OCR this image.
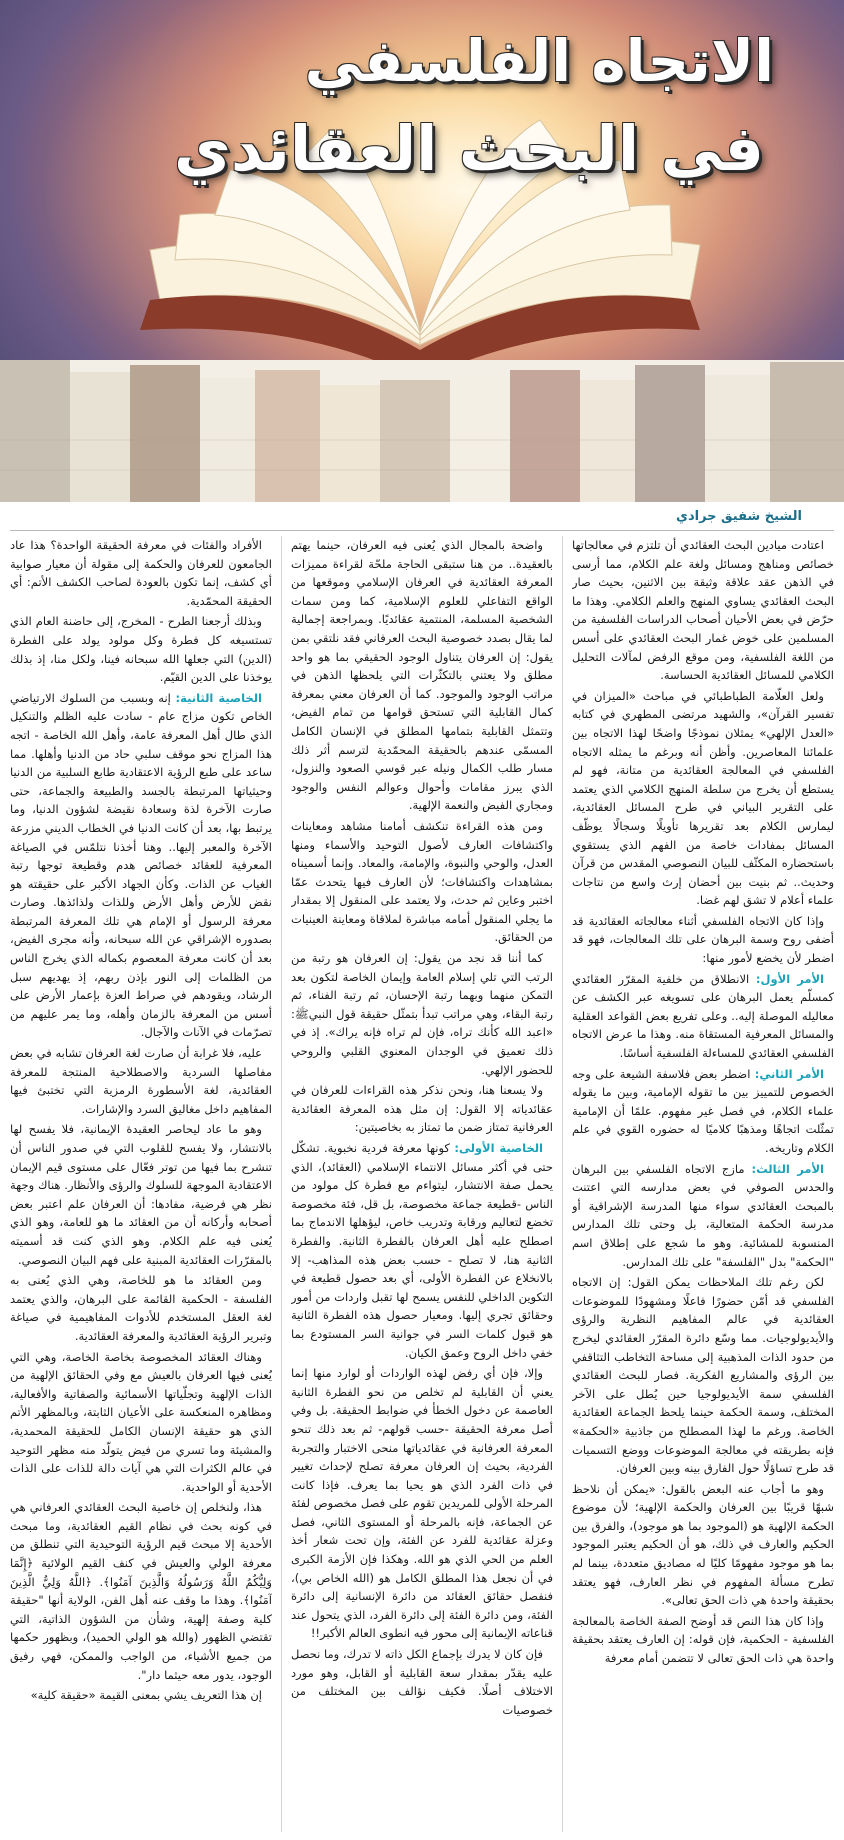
الاتجاه الفلسفي
في البحث العقائدي
الشيخ شفيق جرادي

اعتادت ميادين البحث العقائدي أن تلتزم في معالجاتها خصائص ومناهج ومسائل ولغة علم الكلام، مما أرسى في الذهن عقد علاقة وثيقة بين الاثنين، بحيث صار البحث العقائدي يساوي المنهج والعلم الكلامي. وهذا ما حرّض في بعض الأحيان أصحاب الدراسات الفلسفية من المسلمين على خوض غمار البحث العقائدي على أسس من اللغة الفلسفية، ومن موقع الرفض لمآلات التحليل الكلامي للمسائل العقائدية الحساسة.

ولعل العلّامة الطباطبائي في مباحث «الميزان في تفسير القرآن»، والشهيد مرتضى المطهري في كتابه «العدل الإلهي» يمثلان نموذجًا واضحًا لهذا الاتجاه بين علمائنا المعاصرين. وأظن أنه وبرغم ما يمثله الاتجاه الفلسفي في المعالجة العقائدية من متانة، فهو لم يستطع أن يخرج من سلطة المنهج الكلامي الذي يعتمد على التقرير البياني في طرح المسائل العقائدية، ليمارس الكلام بعد تقريرها تأويلًا وسجالًا يوظّف المسائل بمفادات خاصة من الفهم الذي يستقوي باستحضاره المكثّف للبيان النصوصي المقدس من قرآن وحديث.. ثم بنيت بين أحضان إرث واسع من نتاجات علماء أعلام لا تشق لهم غضا.

وإذا كان الاتجاه الفلسفي أثناء معالجاته العقائدية قد أضفى روح وسمة البرهان على تلك المعالجات، فهو قد اضطر لأن يخضع لأمور منها:

الأمر الأول: الانطلاق من خلفية المقرّر العقائدي كمسلّم يعمل البرهان على تسويغه عبر الكشف عن معاليله الموصلة إليه.. وعلى تفريع بعض القواعد العقلية والمسائل المعرفية المستقاة منه. وهذا ما عرض الاتجاه الفلسفي العقائدي للمساءلة الفلسفية أساسًا.

الأمر الثاني: اضطر بعض فلاسفة الشيعة على وجه الخصوص للتمييز بين ما تقوله الإمامية، وبين ما يقوله علماء الكلام، في فصل غير مفهوم. علمًا أن الإمامية تمثّلت اتجاهًا ومذهبًا كلاميًا له حضوره القوي في علم الكلام وتاريخه.

الأمر الثالث: مازج الاتجاه الفلسفي بين البرهان والحدس الصوفي في بعض مدارسه التي اعتنت بالمبحث العقائدي سواء منها المدرسة الإشراقية أو مدرسة الحكمة المتعالية، بل وحتى تلك المدارس المنسوبة للمشائية. وهو ما شجع على إطلاق اسم "الحكمة" بدل "الفلسفة" على تلك المدارس.

لكن رغم تلك الملاحظات يمكن القول: إن الاتجاه الفلسفي قد أمّن حضورًا فاعلًا ومشهودًا للموضوعات العقائدية في عالم المفاهيم النظرية والرؤى والأيديولوجيات. مما وسّع دائرة المقرّر العقائدي ليخرج من حدود الذات المذهبية إلى مساحة التخاطب التثاقفي بين الرؤى والمشاريع الفكرية. فصار للبحث العقائدي الفلسفي سمة الأيديولوجيا حين يُطل على الآخر المختلف، وسمة الحكمة حينما يلحظ الجماعة العقائدية الخاصة. ورغم ما لهذا المصطلح من جاذبية «الحكمة» فإنه بطريقته في معالجة الموضوعات ووضع التسميات قد طرح تساؤلًا حول الفارق بينه وبين العرفان.

وهو ما أجاب عنه البعض بالقول: «يمكن أن نلاحظ شبهًا قريبًا بين العرفان والحكمة الإلهية؛ لأن موضوع الحكمة الإلهية هو (الموجود بما هو موجود)، والفرق بين الحكيم والعارف في ذلك، هو أن الحكيم يعتبر الموجود بما هو موجود مفهومًا كليًا له مصاديق متعددة، بينما لم تطرح مسألة المفهوم في نظر العارف، فهو يعتقد بحقيقة واحدة هي ذات الحق تعالى».

وإذا كان هذا النص قد أوضح الصفة الخاصة بالمعالجة الفلسفية - الحكمية، فإن قوله: إن العارف يعتقد بحقيقة واحدة هي ذات الحق تعالى لا تتضمن أمام معرفة

واضحة بالمجال الذي يُعنى فيه العرفان، حينما يهتم بالعقيدة.. من هنا ستبقى الحاجة ملحّة لقراءة مميزات المعرفة العقائدية في العرفان الإسلامي وموقعها من الواقع التفاعلي للعلوم الإسلامية، كما ومن سمات الشخصية المسلمة، المنتمية عقائديًا. وبمراجعة إجمالية لما يقال بصدد خصوصية البحث العرفاني فقد نلتقي بمن يقول: إن العرفان يتناول الوجود الحقيقي بما هو واحد مطلق ولا يعتني بالتكثّرات التي يلحظها الذهن في مراتب الوجود والموجود. كما أن العرفان معني بمعرفة كمال القابلية التي تستحق قوامها من تمام الفيض، وتتمثل القابلية بتمامها المطلق في الإنسان الكامل المسمّى عندهم بالحقيقة المحمّدية لترسم أثر ذلك مسار طلب الكمال ونيله عبر قوسي الصعود والنزول، الذي يبرز مقامات وأحوال وعوالم النفس والوجود ومجاري الفيض والنعمة الإلهية.

ومن هذه القراءة تنكشف أمامنا مشاهد ومعاينات واكتشافات العارف لأصول التوحيد والأسماء ومنها العدل، والوحي والنبوة، والإمامة، والمعاد. وإنما أسميناه بمشاهدات واكتشافات؛ لأن العارف فيها يتحدث عمّا اختبر وعاين ثم حدث، ولا يعتمد على المنقول إلا بمقدار ما يجلي المنقول أمامه مباشرة لملاقاة ومعاينة العينيات من الحقائق.

كما أننا قد نجد من يقول: إن العرفان هو رتبة من الرتب التي تلي إسلام العامة وإيمان الخاصة لتكون بعد التمكن منهما وبهما رتبة الإحسان، ثم رتبة الفناء، ثم رتبة البقاء، وهي مراتب تبدأ بتمثّل حقيقة قول النبيﷺ: «اعبد الله كأنك تراه، فإن لم تراه فإنه يراك». إذ في ذلك تعميق في الوجدان المعنوي القلبي والروحي للحضور الإلهي.

ولا يسعنا هنا، ونحن نذكر هذه القراءات للعرفان في عقائدياته إلا القول: إن مثل هذه المعرفة العقائدية العرفانية تمتاز ضمن ما تمتاز به بخاصيتين:

الخاصية الأولى: كونها معرفة فردية نخبوية. تشكّل حتى في أكثر مسائل الانتماء الإسلامي (العقائد)، الذي يحمل صفة الانتشار، ليتواءم مع فطرة كل مولود من الناس -قطيعة جماعة مخصوصة، بل قل، فئة مخصوصة تخضع لتعاليم ورقابة وتدريب خاص، ليؤهلها الاندماج بما اصطلح عليه أهل العرفان بالفطرة الثانية. والفطرة الثانية هنا، لا تصلح - حسب بعض هذه المذاهب- إلا بالانخلاع عن الفطرة الأولى، أي بعد حصول قطيعة في التكوين الداخلي للنفس يسمح لها تقبل واردات من أمور وحقائق تجري إليها. ومعيار حصول هذه الفطرة الثانية هو قبول كلمات السر في جوانية السر المستودع بما خفي داخل الروح وعمق الكيان.

وإلا، فإن أي رفض لهذه الواردات أو لوارد منها إنما يعني أن القابلية لم تخلص من نحو الفطرة الثانية العاصمة عن دخول الخطأ في ضوابط الحقيقة. بل وفي أصل معرفة الحقيقة -حسب قولهم- ثم بعد ذلك تنحو المعرفة العرفانية في عقائدياتها منحى الاختبار والتجربة الفردية، بحيث إن العرفان معرفة تصلح لإحداث تغيير في ذات الفرد الذي هو يحيا بما يعرف. فإذا كانت المرحلة الأولى للمريدين تقوم على فصل مخصوص لفئة عن الجماعة، فإنه بالمرحلة أو المستوى الثاني، فصل وعزلة عقائدية للفرد عن الفئة، وإن تحت شعار أخذ العلم من الحي الذي هو الله. وهكذا فإن الأزمة الكبرى في أن نجعل هذا المطلق الكامل هو (الله الخاص بي)، فنفصل حقائق العقائد من دائرة الإنسانية إلى دائرة الفئة، ومن دائرة الفئة إلى دائرة الفرد، الذي يتحول عند قناعاته الإيمانية إلى محور فيه انطوى العالم الأكبر!!

فإن كان لا يدرك بإجماع الكل ذاته لا تدرك، وما نحصل عليه يقدّر بمقدار سعة القابلية أو القابل، وهو مورد الاختلاف أصلًا. فكيف نؤالف بين المختلف من خصوصيات

الأفراد والفئات في معرفة الحقيقة الواحدة؟ هذا عاد الجامعون للعرفان والحكمة إلى مقولة أن معيار صوابية أي كشف، إنما تكون بالعودة لصاحب الكشف الأتم: أي الحقيقة المحمّدية.

وبذلك أرجعنا الطرح - المخرج، إلى حاضنة العام الذي تستسيغه كل فطرة وكل مولود يولد على الفطرة (الدين) التي جعلها الله سبحانه فينا، ولكل منا، إذ بذلك يوخذنا على الدين القيّم.

الخاصية الثانية: إنه وبسبب من السلوك الارتياضي الخاص تكون مزاج عام - سادت عليه الظلم والتنكيل الذي طال أهل المعرفة عامة، وأهل الله الخاصة - اتجه هذا المزاج نحو موقف سلبي حاد من الدنيا وأهلها. مما ساعد على طبع الرؤية الاعتقادية طابع السلبية من الدنيا وحيثياتها المرتبطة بالجسد والطبيعة والجماعة، حتى صارت الآخرة لذة وسعادة نقيضة لشؤون الدنيا، وما يرتبط بها، بعد أن كانت الدنيا في الخطاب الديني مزرعة الآخرة والمعبر إليها.. وهنا أخذنا نتلمّس في الصياغة المعرفية للعقائد خصائص هدم وقطيعة توجها رتبة الغياب عن الذات. وكأن الجهاد الأكبر على حقيقته هو نقض للأرض وأهل الأرض وللذات ولذائذها. وصارت معرفة الرسول أو الإمام هي تلك المعرفة المرتبطة بصدوره الإشراقي عن الله سبحانه، وأنه مجرى الفيض، بعد أن كانت معرفة المعصوم بكماله الذي يخرج الناس من الظلمات إلى النور بإذن ربهم، إذ يهديهم سبل الرشاد، ويقودهم في صراط العزة بإعمار الأرض على أسس من المعرفة بالزمان وأهله، وما يمر عليهم من تصرّمات في الآنات والآجال.

عليه، فلا غرابة أن صارت لغة العرفان تشابه في بعض مفاصلها السردية والاصطلاحية المنتجة للمعرفة العقائدية، لغة الأسطورة الرمزية التي تختبئ فيها المفاهيم داخل مغاليق السرد والإشارات.

وهو ما عاد ليحاصر العقيدة الإيمانية، فلا يفسح لها بالانتشار، ولا يفسح للقلوب التي في صدور الناس أن تنشرح بما فيها من توتر فعّال على مستوى قيم الإيمان الاعتقادية الموجهة للسلوك والرؤى والأنظار. هناك وجهة نظر هي فرضية، مفادها: أن العرفان علم اعتبر بعض أصحابه وأركانه أن من العقائد ما هو للعامة، وهو الذي يُعنى فيه علم الكلام. وهو الذي كنت قد أسميته بالمقرّرات العقائدية المبنية على فهم البيان النصوصي.

ومن العقائد ما هو للخاصة، وهي الذي يُعنى به الفلسفة - الحكمية القائمة على البرهان، والذي يعتمد لغة العقل المستخدم للأدوات المفاهيمية في صياغة وتبرير الرؤية العقائدية والمعرفة العقائدية.

وهناك العقائد المخصوصة بخاصة الخاصة، وهي التي يُعنى فيها العرفان بالعيش مع وفي الحقائق الإلهية من الذات الإلهية وتجلّياتها الأسمائية والصفاتية والأفعالية، ومظاهره المنعكسة على الأعيان الثابتة، وبالمظهر الأتم الذي هو حقيقة الإنسان الكامل للحقيقة المحمدية، والمشيئة وما تسري من فيض يتولّد منه مظهر التوحيد في عالم الكثرات التي هي آيات دالة للذات على الذات الأحدية أو الواحدية.

هذا، ولنخلص إن خاصية البحث العقائدي العرفاني هي في كونه بحث في نظام القيم العقائدية، وما مبحث الأحدية إلا مبحث قيم الرؤية التوحيدية التي تنطلق من معرفة الولي والعيش في كنف القيم الولائية ﴿إِنَّمَا وَلِيُّكُمُ اللَّهُ وَرَسُولُهُ وَالَّذِينَ آمَنُوا﴾. ﴿اللَّهُ وَلِيُّ الَّذِينَ آمَنُوا﴾. وهذا ما وقف عنه أهل الفن، الولاية أنها "حقيقة كلية وصفة إلهية، وشأن من الشؤون الذاتية، التي تقتضي الظهور (والله هو الولي الحميد)، وبظهور حكمها من جميع الأشياء، من الواجب والممكن، فهي رفيق الوجود، يدور معه حيثما دار".

إن هذا التعريف يشي بمعنى القيمة «حقيقة كلية»
